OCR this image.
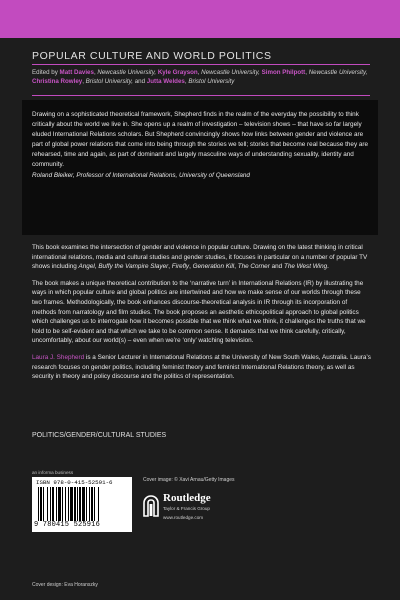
POPULAR CULTURE AND WORLD POLITICS
Edited by Matt Davies, Newcastle University, Kyle Grayson, Newcastle University, Simon Philpott, Newcastle University, Christina Rowley, Bristol University, and Jutta Weldes, Bristol University

Drawing on a sophisticated theoretical framework, Shepherd finds in the realm of the everyday the possibility to think critically about the world we live in. She opens up a realm of investigation – television shows – that have so far largely eluded International Relations scholars. But Shepherd convincingly shows how links between gender and violence are part of global power relations that come into being through the stories we tell; stories that become real because they are rehearsed, time and again, as part of dominant and largely masculine ways of understanding sexuality, identity and community.

Roland Bleiker, Professor of International Relations, University of Queensland

This book examines the intersection of gender and violence in popular culture. Drawing on the latest thinking in critical international relations, media and cultural studies and gender studies, it focuses in particular on a number of popular TV shows including Angel, Buffy the Vampire Slayer, Firefly, Generation Kill, The Corner and The West Wing.

The book makes a unique theoretical contribution to the ‘narrative turn’ in International Relations (IR) by illustrating the ways in which popular culture and global politics are intertwined and how we make sense of our worlds through these two frames. Methodologically, the book enhances discourse-theoretical analysis in IR through its incorporation of methods from narratology and film studies. The book proposes an aesthetic ethicopolitical approach to global politics which challenges us to interrogate how it becomes possible that we think what we think, it challenges the truths that we hold to be self-evident and that which we take to be common sense. It demands that we think carefully, critically, uncomfortably, about our world(s) – even when we’re ‘only’ watching television.

Laura J. Shepherd is a Senior Lecturer in International Relations at the University of New South Wales, Australia. Laura’s research focuses on gender politics, including feminist theory and feminist International Relations theory, as well as security in theory and policy discourse and the politics of representation.

POLITICS/GENDER/CULTURAL STUDIES
an informa business
ISBN 978-0-415-52591-6
9 780415 525916
Cover image: © Xavi Arnau/Getty Images
Routledge
Taylor & Francis Group
www.routledge.com
Cover design: Eva Horanszky
